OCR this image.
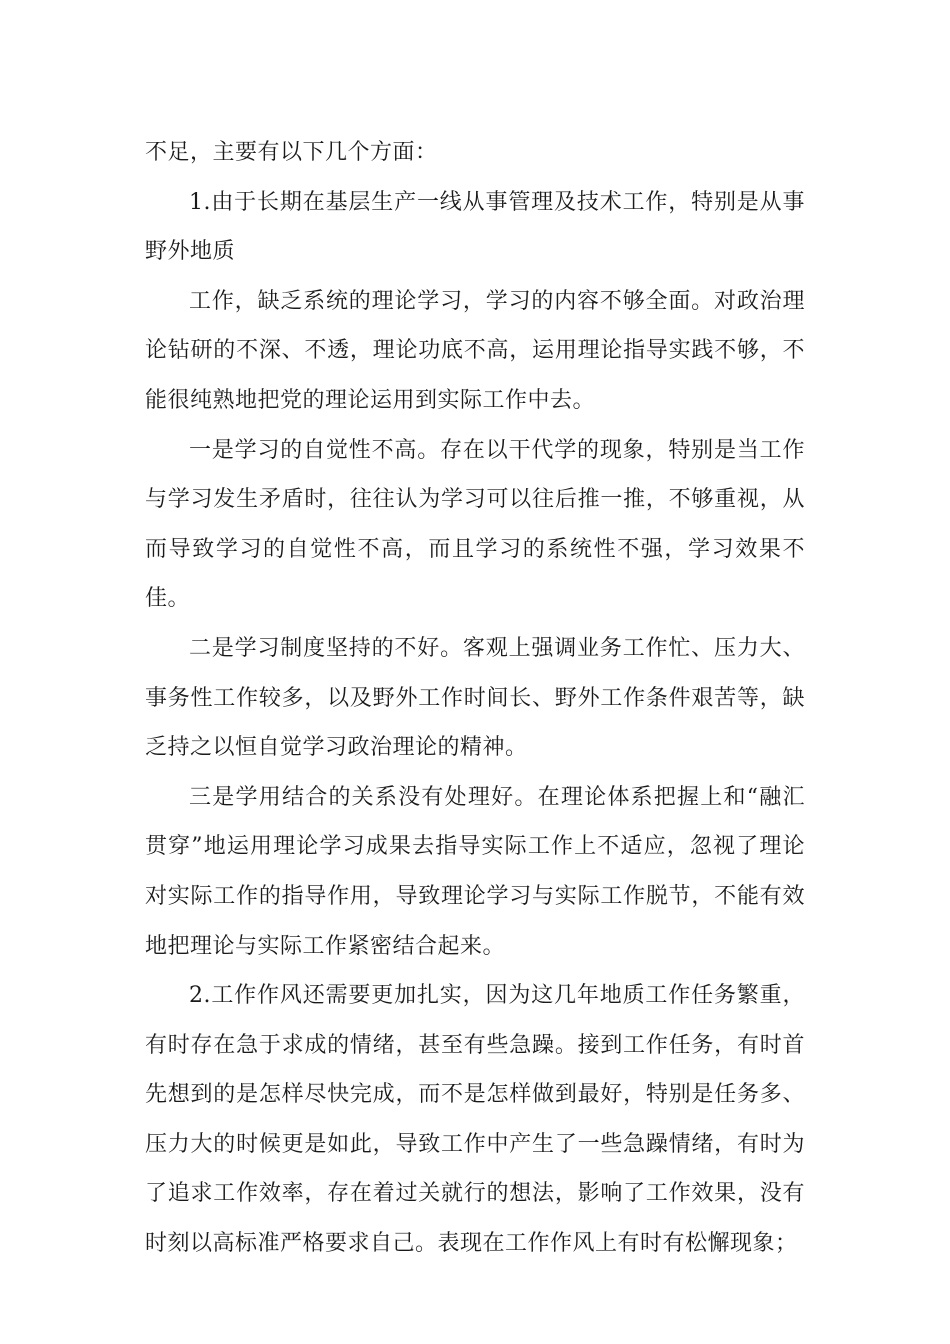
不足，主要有以下几个方面：

1.由于长期在基层生产一线从事管理及技术工作，特别是从事野外地质

工作，缺乏系统的理论学习，学习的内容不够全面。对政治理论钻研的不深、不透，理论功底不高，运用理论指导实践不够，不能很纯熟地把党的理论运用到实际工作中去。

一是学习的自觉性不高。存在以干代学的现象，特别是当工作与学习发生矛盾时，往往认为学习可以往后推一推，不够重视，从而导致学习的自觉性不高，而且学习的系统性不强，学习效果不佳。

二是学习制度坚持的不好。客观上强调业务工作忙、压力大、事务性工作较多，以及野外工作时间长、野外工作条件艰苦等，缺乏持之以恒自觉学习政治理论的精神。

三是学用结合的关系没有处理好。在理论体系把握上和“融汇贯穿”地运用理论学习成果去指导实际工作上不适应，忽视了理论对实际工作的指导作用，导致理论学习与实际工作脱节，不能有效地把理论与实际工作紧密结合起来。

2.工作作风还需要更加扎实，因为这几年地质工作任务繁重，有时存在急于求成的情绪，甚至有些急躁。接到工作任务，有时首先想到的是怎样尽快完成，而不是怎样做到最好，特别是任务多、压力大的时候更是如此，导致工作中产生了一些急躁情绪，有时为了追求工作效率，存在着过关就行的想法，影响了工作效果，没有时刻以高标准严格要求自己。表现在工作作风上有时有松懈现象；
